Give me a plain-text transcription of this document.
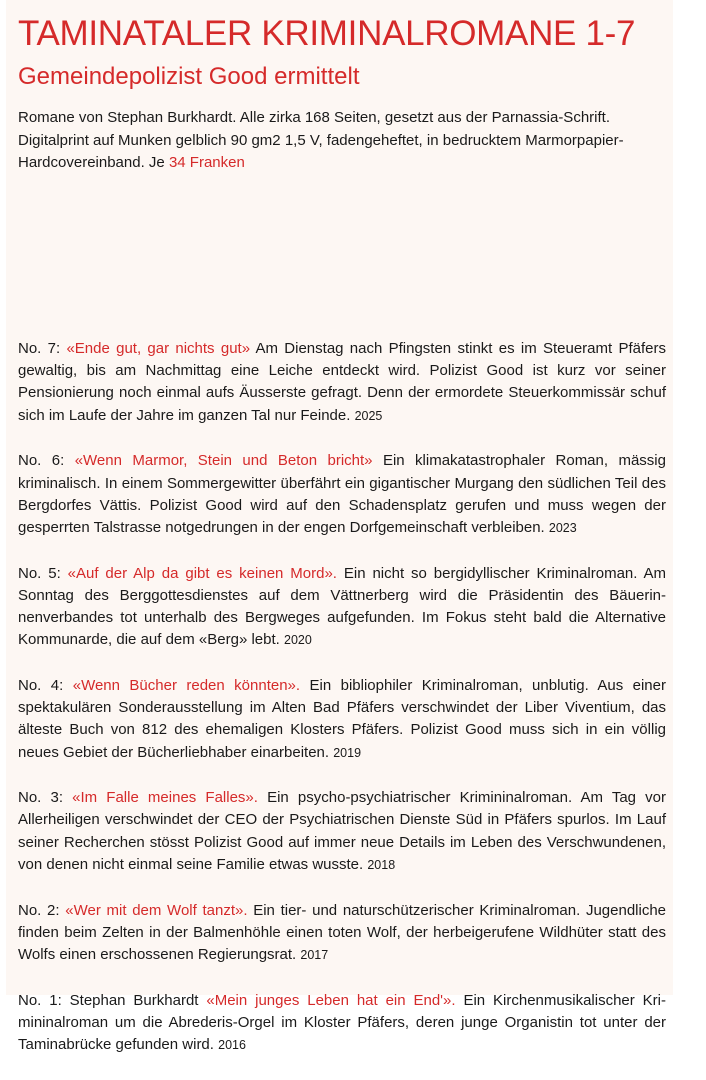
TAMINATALER KRIMINALROMANE 1-7
Gemeindepolizist Good ermittelt
Romane von Stephan Burkhardt. Alle zirka 168 Seiten, gesetzt aus der Parnassia-Schrift. Digitalprint auf Munken gelblich 90 gm2 1,5 V, fadengeheftet, in bedrucktem Marmorpapier-Hardcovereinband. Je 34 Franken
No. 7: «Ende gut, gar nichts gut» Am Dienstag nach Pfingsten stinkt es im Steueramt Pfäfers gewaltig, bis am Nachmittag eine Leiche entdeckt wird. Polizist Good ist kurz vor seiner Pensionierung noch einmal aufs Äusserste gefragt. Denn der ermordete Steuerkommissär schuf sich im Laufe der Jahre im ganzen Tal nur Feinde. 2025
No. 6: «Wenn Marmor, Stein und Beton bricht» Ein klimakatastrophaler Roman, mässig kriminalisch. In einem Sommergewitter überfährt ein gigantischer Murgang den südlichen Teil des Bergdorfes Vättis. Polizist Good wird auf den Schadensplatz gerufen und muss wegen der gesperrten Talstrasse notgedrungen in der engen Dorfgemeinschaft verbleiben. 2023
No. 5: «Auf der Alp da gibt es keinen Mord». Ein nicht so bergidyllischer Kriminalroman. Am Sonntag des Berggottesdienstes auf dem Vättnerberg wird die Präsidentin des Bäuerinnenverbandes tot unterhalb des Bergweges aufgefunden. Im Fokus steht bald die Alternative Kommunarde, die auf dem «Berg» lebt. 2020
No. 4: «Wenn Bücher reden könnten». Ein bibliophiler Kriminalroman, unblutig. Aus einer spektakulären Sonderausstellung im Alten Bad Pfäfers verschwindet der Liber Viventium, das älteste Buch von 812 des ehemaligen Klosters Pfäfers. Polizist Good muss sich in ein völlig neues Gebiet der Bücherliebhaber einarbeiten. 2019
No. 3: «Im Falle meines Falles». Ein psycho-psychiatrischer Krimininalroman. Am Tag vor Allerheiligen verschwindet der CEO der Psychiatrischen Dienste Süd in Pfäfers spurlos. Im Lauf seiner Recherchen stösst Polizist Good auf immer neue Details im Leben des Verschwundenen, von denen nicht einmal seine Familie etwas wusste. 2018
No. 2: «Wer mit dem Wolf tanzt». Ein tier- und naturschützerischer Kriminalroman. Jugendliche finden beim Zelten in der Balmenhöhle einen toten Wolf, der herbeigerufene Wildhüter statt des Wolfs einen erschossenen Regierungsrat. 2017
No. 1: Stephan Burkhardt «Mein junges Leben hat ein End'». Ein Kirchenmusikalischer Krimininalroman um die Abrederis-Orgel im Kloster Pfäfers, deren junge Organistin tot unter der Taminabrücke gefunden wird. 2016
